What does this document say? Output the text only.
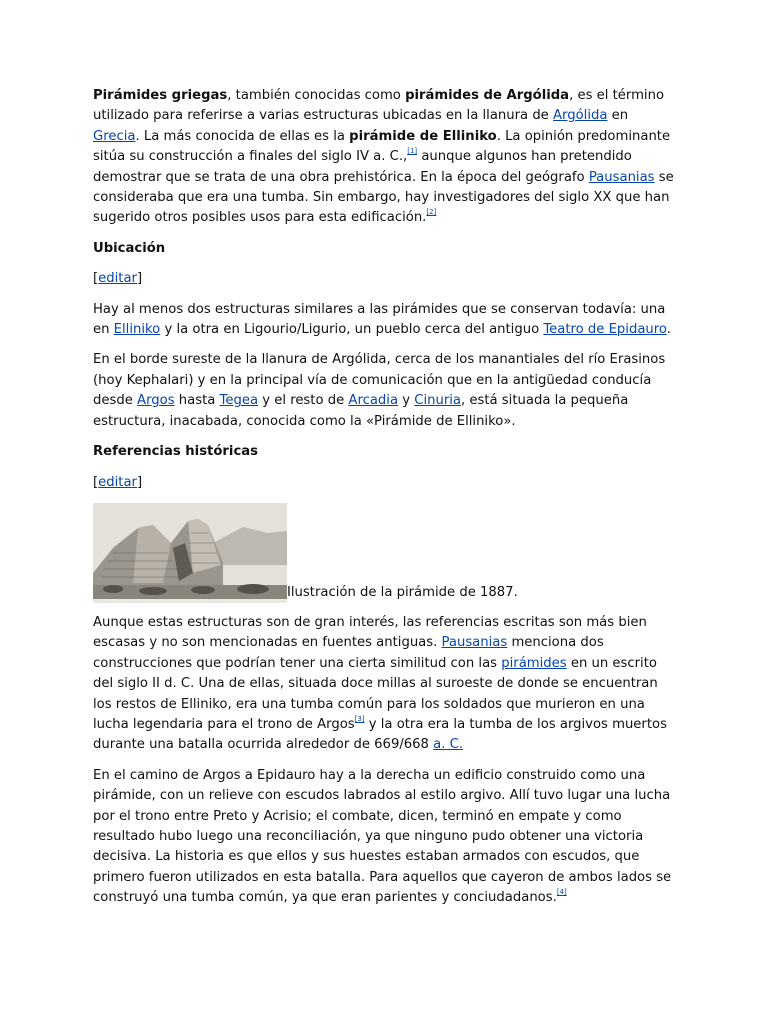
Pirámides griegas, también conocidas como pirámides de Argólida, es el término utilizado para referirse a varias estructuras ubicadas en la llanura de Argólida en Grecia. La más conocida de ellas es la pirámide de Elliniko. La opinión predominante sitúa su construcción a finales del siglo IV a. C.,[1] aunque algunos han pretendido demostrar que se trata de una obra prehistórica. En la época del geógrafo Pausanias se consideraba que era una tumba. Sin embargo, hay investigadores del siglo XX que han sugerido otros posibles usos para esta edificación.[2]

Ubicación

[editar]

Hay al menos dos estructuras similares a las pirámides que se conservan todavía: una en Elliniko y la otra en Ligourio/Ligurio, un pueblo cerca del antiguo Teatro de Epidauro.

En el borde sureste de la llanura de Argólida, cerca de los manantiales del río Erasinos (hoy Kephalari) y en la principal vía de comunicación que en la antigüedad conducía desde Argos hasta Tegea y el resto de Arcadia y Cinuria, está situada la pequeña estructura, inacabada, conocida como la «Pirámide de Elliniko».

Referencias históricas

[editar]

Ilustración de la pirámide de 1887.

Aunque estas estructuras son de gran interés, las referencias escritas son más bien escasas y no son mencionadas en fuentes antiguas. Pausanias menciona dos construcciones que podrían tener una cierta similitud con las pirámides en un escrito del siglo II d. C. Una de ellas, situada doce millas al suroeste de donde se encuentran los restos de Elliniko, era una tumba común para los soldados que murieron en una lucha legendaria para el trono de Argos[3] y la otra era la tumba de los argivos muertos durante una batalla ocurrida alrededor de 669/668 a. C.

En el camino de Argos a Epidauro hay a la derecha un edificio construido como una pirámide, con un relieve con escudos labrados al estilo argivo. Allí tuvo lugar una lucha por el trono entre Preto y Acrisio; el combate, dicen, terminó en empate y como resultado hubo luego una reconciliación, ya que ninguno pudo obtener una victoria decisiva. La historia es que ellos y sus huestes estaban armados con escudos, que primero fueron utilizados en esta batalla. Para aquellos que cayeron de ambos lados se construyó una tumba común, ya que eran parientes y conciudadanos.[4]
